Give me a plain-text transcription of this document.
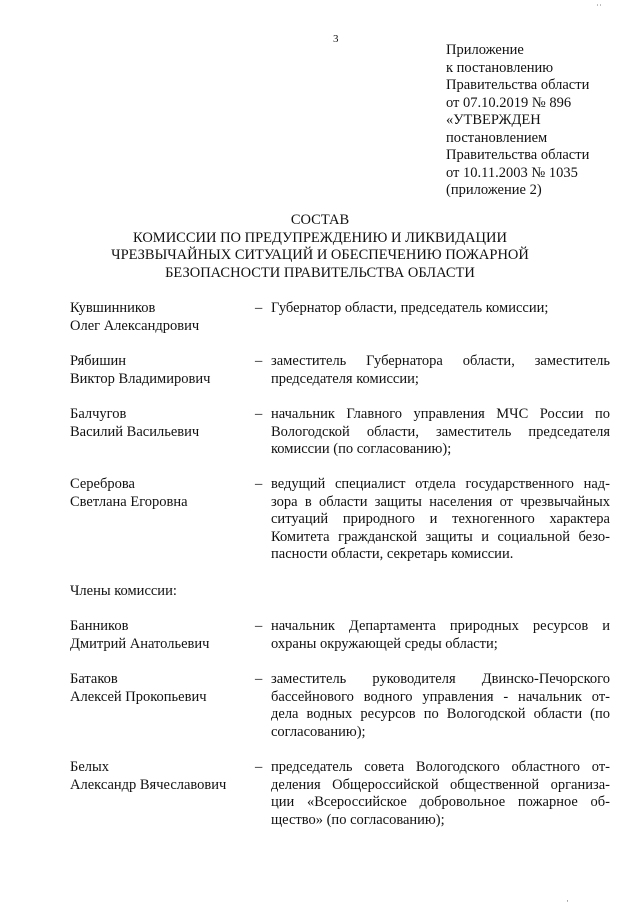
3
Приложение
к постановлению
Правительства области
от 07.10.2019 № 896
«УТВЕРЖДЕН
постановлением
Правительства области
от 10.11.2003 № 1035
(приложение 2)
СОСТАВ
КОМИССИИ ПО ПРЕДУПРЕЖДЕНИЮ И ЛИКВИДАЦИИ
ЧРЕЗВЫЧАЙНЫХ СИТУАЦИЙ И ОБЕСПЕЧЕНИЮ ПОЖАРНОЙ
БЕЗОПАСНОСТИ ПРАВИТЕЛЬСТВА ОБЛАСТИ
Кувшинников
Олег Александрович
– Губернатор области, председатель комиссии;
Рябишин
Виктор Владимирович
– заместитель Губернатора области, заместитель
председателя комиссии;
Балчугов
Василий Васильевич
– начальник Главного управления МЧС России по
Вологодской области, заместитель председателя
комиссии (по согласованию);
Сереброва
Светлана Егоровна
– ведущий специалист отдела государственного над-
зора в области защиты населения от чрезвычайных
ситуаций природного и техногенного характера
Комитета гражданской защиты и социальной безо-
пасности области, секретарь комиссии.
Члены комиссии:
Банников
Дмитрий Анатольевич
– начальник Департамента природных ресурсов и
охраны окружающей среды области;
Батаков
Алексей Прокопьевич
– заместитель руководителя Двинско-Печорского
бассейнового водного управления - начальник от-
дела водных ресурсов по Вологодской области (по
согласованию);
Белых
Александр Вячеславович
– председатель совета Вологодского областного от-
деления Общероссийской общественной организа-
ции «Всероссийское добровольное пожарное об-
щество» (по согласованию);
˙˙
·
